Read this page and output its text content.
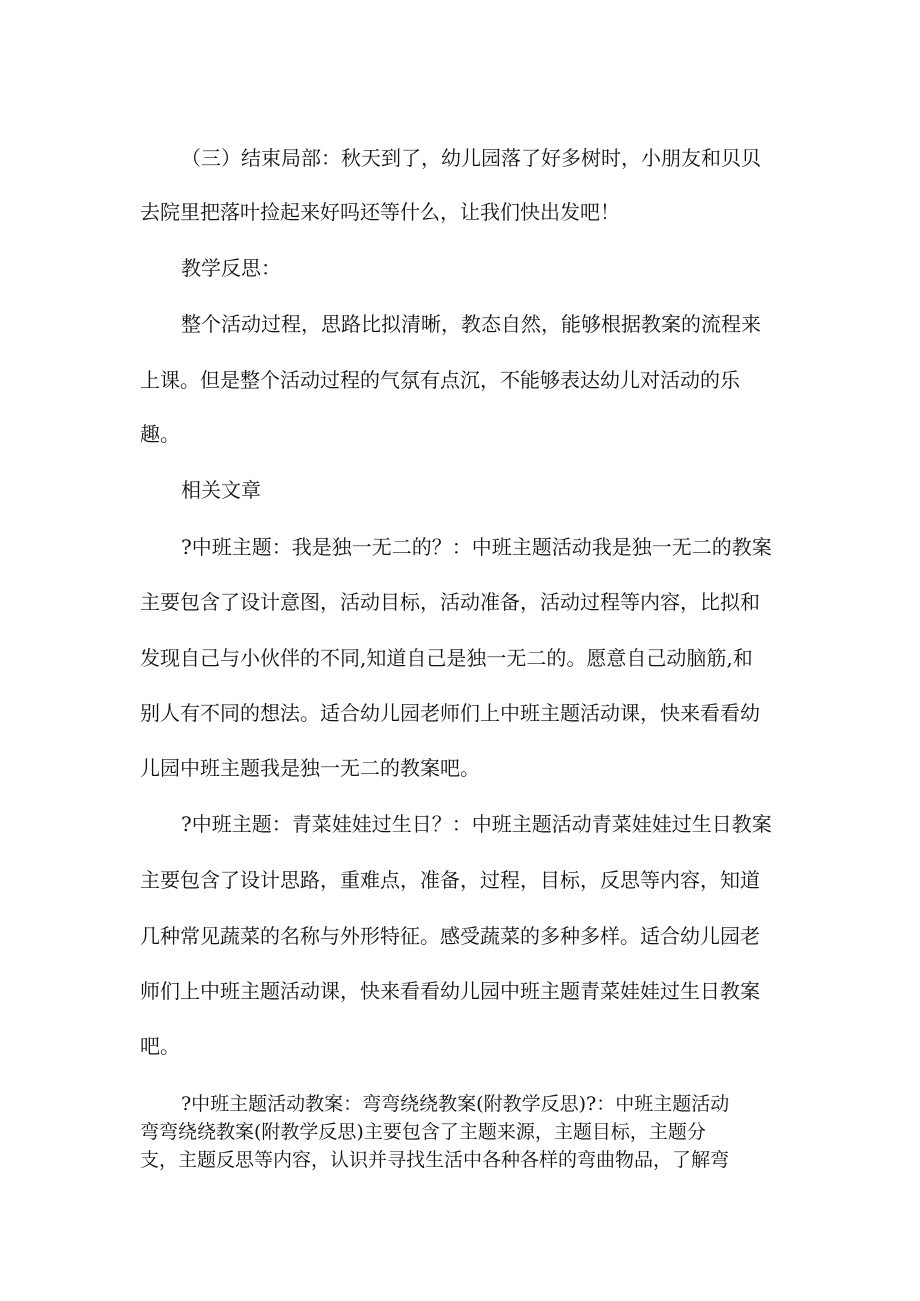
（三）结束局部：秋天到了，幼儿园落了好多树时，小朋友和贝贝
去院里把落叶捡起来好吗还等什么，让我们快出发吧！
教学反思：
整个活动过程，思路比拟清晰，教态自然，能够根据教案的流程来
上课。但是整个活动过程的气氛有点沉，不能够表达幼儿对活动的乐
趣。
相关文章
?中班主题：我是独一无二的？：中班主题活动我是独一无二的教案
主要包含了设计意图，活动目标，活动准备，活动过程等内容，比拟和
发现自己与小伙伴的不同,知道自己是独一无二的。愿意自己动脑筋,和
别人有不同的想法。适合幼儿园老师们上中班主题活动课，快来看看幼
儿园中班主题我是独一无二的教案吧。
?中班主题：青菜娃娃过生日？：中班主题活动青菜娃娃过生日教案
主要包含了设计思路，重难点，准备，过程，目标，反思等内容，知道
几种常见蔬菜的名称与外形特征。感受蔬菜的多种多样。适合幼儿园老
师们上中班主题活动课，快来看看幼儿园中班主题青菜娃娃过生日教案
吧。
?中班主题活动教案：弯弯绕绕教案(附教学反思)?：中班主题活动
弯弯绕绕教案(附教学反思)主要包含了主题来源，主题目标，主题分
支，主题反思等内容，认识并寻找生活中各种各样的弯曲物品，了解弯
